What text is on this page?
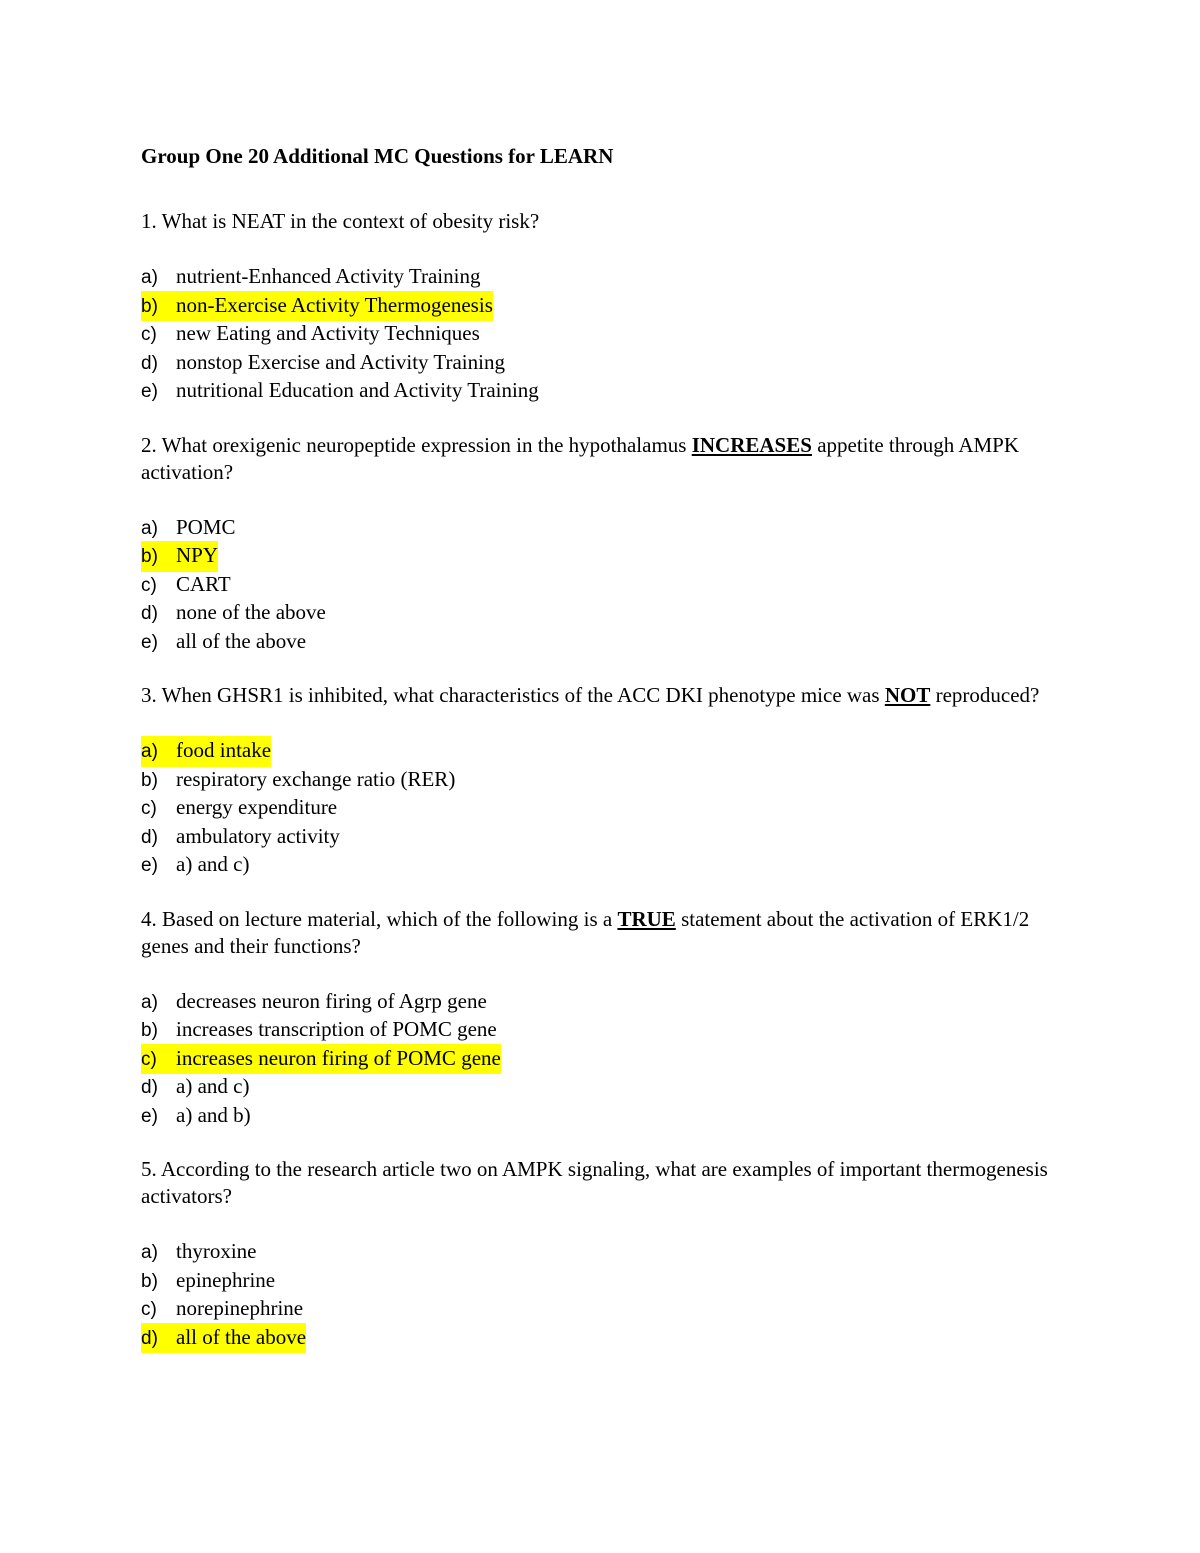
Group One 20 Additional MC Questions for LEARN
1. What is NEAT in the context of obesity risk?
a) nutrient-Enhanced Activity Training
b) non-Exercise Activity Thermogenesis
c) new Eating and Activity Techniques
d) nonstop Exercise and Activity Training
e) nutritional Education and Activity Training
2. What orexigenic neuropeptide expression in the hypothalamus INCREASES appetite through AMPK activation?
a) POMC
b) NPY
c) CART
d) none of the above
e) all of the above
3. When GHSR1 is inhibited, what characteristics of the ACC DKI phenotype mice was NOT reproduced?
a) food intake
b) respiratory exchange ratio (RER)
c) energy expenditure
d) ambulatory activity
e) a) and c)
4. Based on lecture material, which of the following is a TRUE statement about the activation of ERK1/2 genes and their functions?
a) decreases neuron firing of Agrp gene
b) increases transcription of POMC gene
c) increases neuron firing of POMC gene
d) a) and c)
e) a) and b)
5. According to the research article two on AMPK signaling, what are examples of important thermogenesis activators?
a) thyroxine
b) epinephrine
c) norepinephrine
d) all of the above
